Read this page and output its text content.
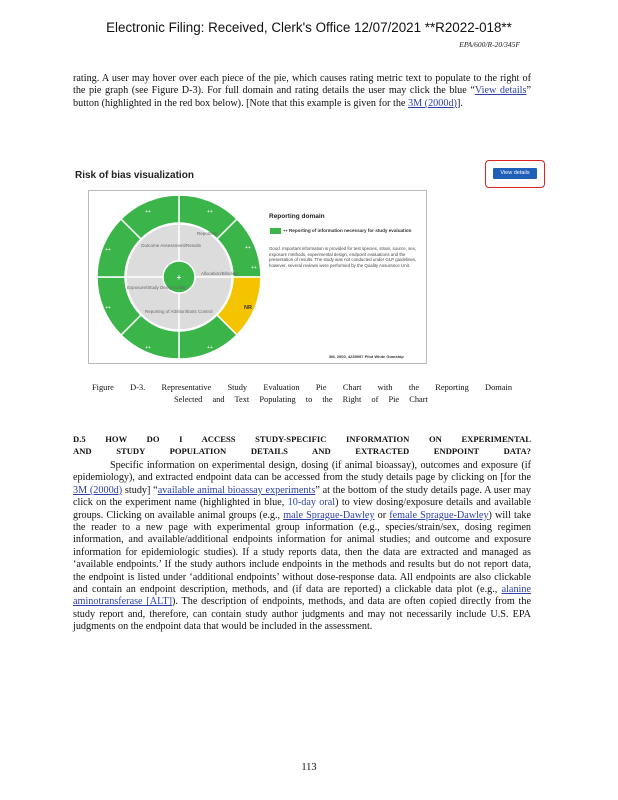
Electronic Filing: Received, Clerk's Office 12/07/2021 **R2022-018**
EPA/600/R-20/345F

rating. A user may hover over each piece of the pie, which causes rating metric text to populate to the right of the pie graph (see Figure D-3). For full domain and rating details the user may click the blue “View details” button (highlighted in the red box below). [Note that this example is given for the 3M (2000d)].

Risk of bias visualization	View details
+
Reporting
Outcome Assessment/Results
Exposure/Study Design Utility
Allocation/Blinding
Reporting of Attrition/Exits Control
NR
++
++
++
++
++
++
++
++
Reporting domain
++ Reporting of information necessary for study evaluation
Good. Important information is provided for test species, strain, source, sex, exposure methods, experimental design, endpoint evaluations and the presentation of results. The study was not conducted under GLP guidelines, however, several reviews were performed by the Quality Assurance Unit.
3M, 2000, 4235997 Pilot White Gumship
Figure D-3. Representative Study Evaluation Pie Chart with the Reporting Domain
Selected and Text Populating to the Right of Pie Chart
D.5 HOW DO I ACCESS STUDY-SPECIFIC INFORMATION ON EXPERIMENTAL
AND	STUDY	POPULATION	DETAILS	AND	EXTRACTED	ENDPOINT	DATA?

Specific information on experimental design, dosing (if animal bioassay), outcomes and exposure (if epidemiology), and extracted endpoint data can be accessed from the study details page by clicking on [for the 3M (2000d) study] “available animal bioassay experiments” at the bottom of the study details page. A user may click on the experiment name (highlighted in blue, 10-day oral) to view dosing/exposure details and available groups. Clicking on available animal groups (e.g., male Sprague-Dawley or female Sprague-Dawley) will take the reader to a new page with experimental group information (e.g., species/strain/sex, dosing regimen information, and available/additional endpoints information for animal studies; and outcome and exposure information for epidemiologic studies). If a study reports data, then the data are extracted and managed as ‘available endpoints.’ If the study authors include endpoints in the methods and results but do not report data, the endpoint is listed under ‘additional endpoints’ without dose-response data. All endpoints are also clickable and contain an endpoint description, methods, and (if data are reported) a clickable data plot (e.g., alanine aminotransferase [ALT]). The description of endpoints, methods, and data are often copied directly from the study report and, therefore, can contain study author judgments and may not necessarily include U.S. EPA judgments on the endpoint data that would be included in the assessment.

113
